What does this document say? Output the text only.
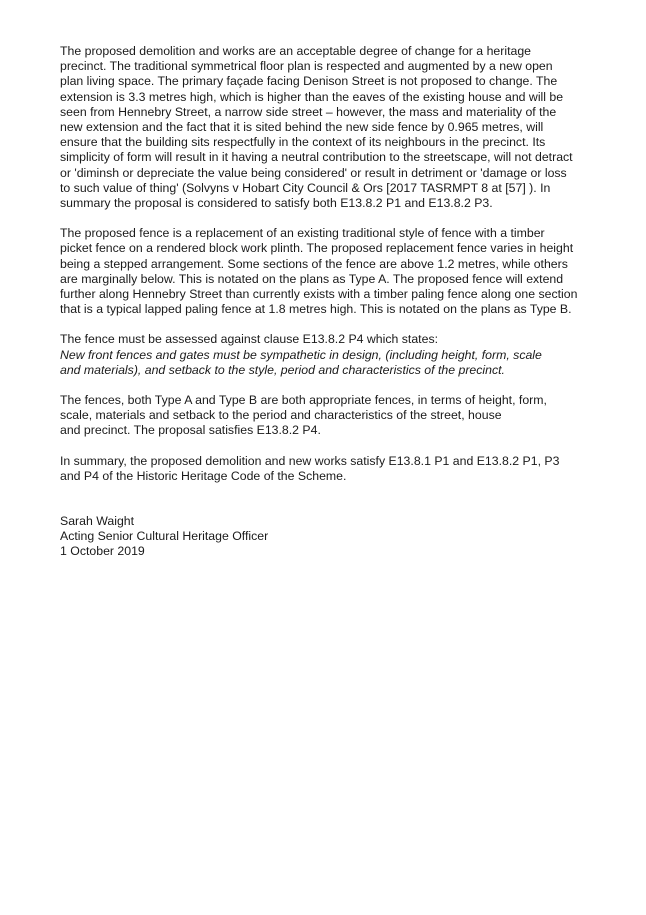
The proposed demolition and works are an acceptable degree of change for a heritage
precinct. The traditional symmetrical floor plan is respected and augmented by a new open
plan living space. The primary façade facing Denison Street is not proposed to change. The
extension is 3.3 metres high, which is higher than the eaves of the existing house and will be
seen from Hennebry Street, a narrow side street – however, the mass and materiality of the
new extension and the fact that it is sited behind the new side fence by 0.965 metres, will
ensure that the building sits respectfully in the context of its neighbours in the precinct. Its
simplicity of form will result in it having a neutral contribution to the streetscape, will not detract
or 'diminsh or depreciate the value being considered' or result in detriment or 'damage or loss
to such value of thing' (Solvyns v Hobart City Council & Ors [2017 TASRMPT 8 at [57] ). In
summary the proposal is considered to satisfy both E13.8.2 P1 and E13.8.2 P3.

The proposed fence is a replacement of an existing traditional style of fence with a timber
picket fence on a rendered block work plinth. The proposed replacement fence varies in height
being a stepped arrangement. Some sections of the fence are above 1.2 metres, while others
are marginally below. This is notated on the plans as Type A. The proposed fence will extend
further along Hennebry Street than currently exists with a timber paling fence along one section
that is a typical lapped paling fence at 1.8 metres high. This is notated on the plans as Type B.

The fence must be assessed against clause E13.8.2 P4 which states:

New front fences and gates must be sympathetic in design, (including height, form, scale
and materials), and setback to the style, period and characteristics of the precinct.

The fences, both Type A and Type B are both appropriate fences, in terms of height, form,
scale, materials and setback to the period and characteristics of the street, house
and precinct. The proposal satisfies E13.8.2 P4.

In summary, the proposed demolition and new works satisfy E13.8.1 P1 and E13.8.2 P1, P3
and P4 of the Historic Heritage Code of the Scheme.

Sarah Waight
Acting Senior Cultural Heritage Officer
1 October 2019
